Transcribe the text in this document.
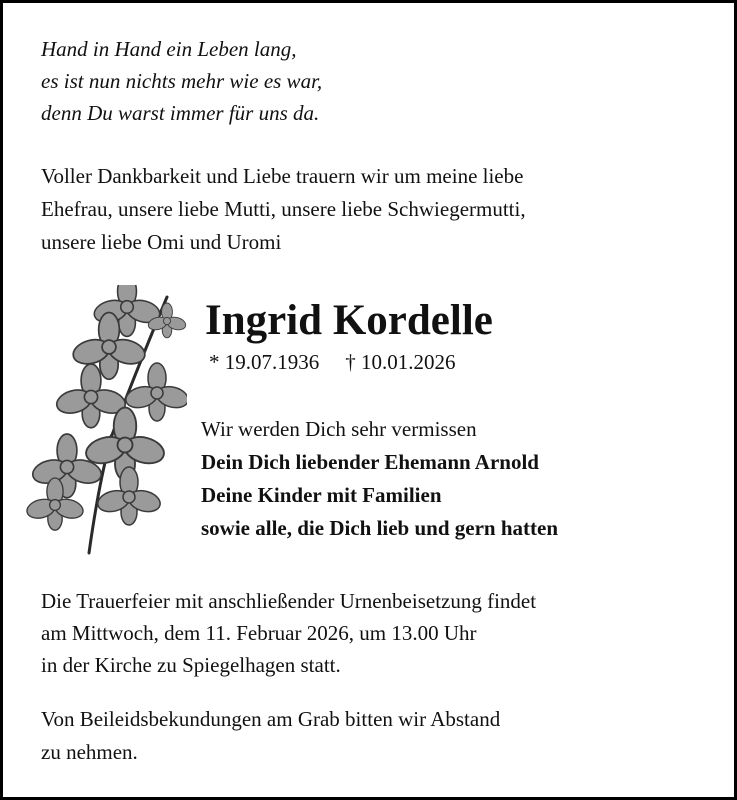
Hand in Hand ein Leben lang,
es ist nun nichts mehr wie es war,
denn Du warst immer für uns da.
Voller Dankbarkeit und Liebe trauern wir um meine liebe
Ehefrau, unsere liebe Mutti, unsere liebe Schwiegermutti,
unsere liebe Omi und Uromi
Ingrid Kordelle
* 19.07.1936 † 10.01.2026
Wir werden Dich sehr vermissen
Dein Dich liebender Ehemann Arnold
Deine Kinder mit Familien
sowie alle, die Dich lieb und gern hatten
Die Trauerfeier mit anschließender Urnenbeisetzung findet
am Mittwoch, dem 11. Februar 2026, um 13.00 Uhr
in der Kirche zu Spiegelhagen statt.
Von Beileidsbekundungen am Grab bitten wir Abstand
zu nehmen.
